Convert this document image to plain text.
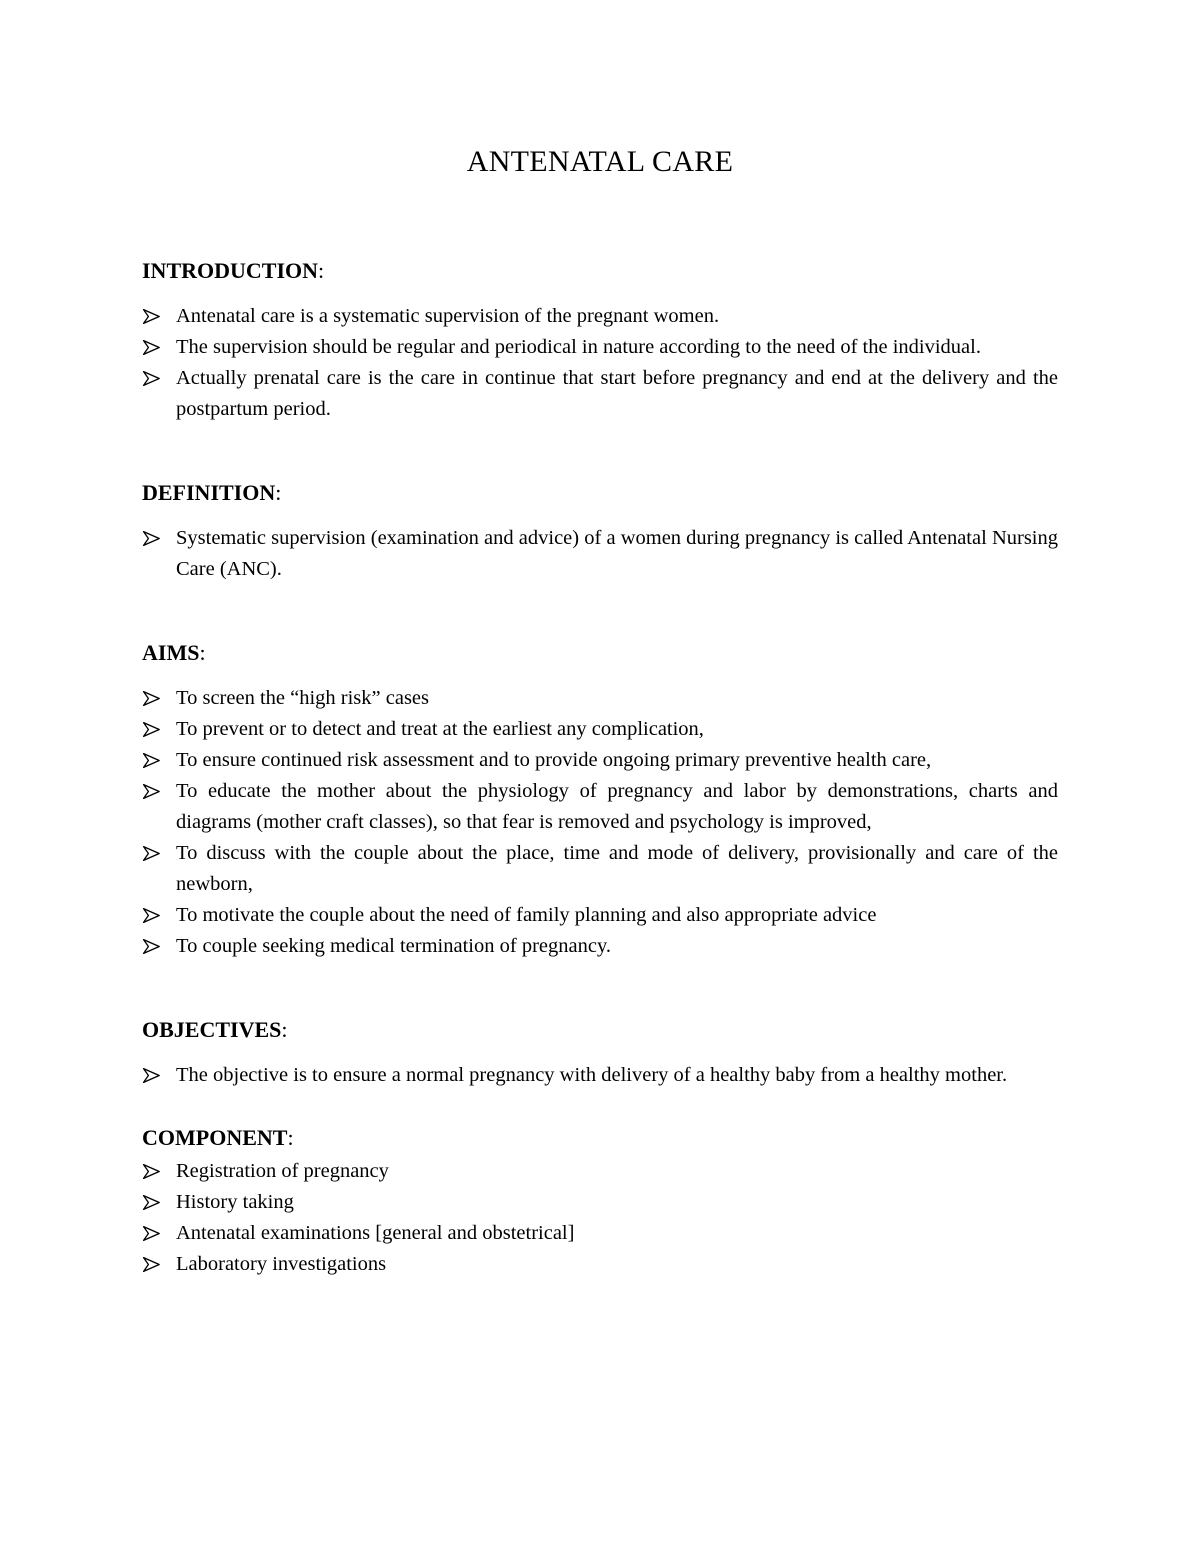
ANTENATAL CARE
INTRODUCTION:
Antenatal care is a systematic supervision of the pregnant women.
The supervision should be regular and periodical in nature according to the need of the individual.
Actually prenatal care is the care in continue that start before pregnancy and end at the delivery and the postpartum period.
DEFINITION:
Systematic supervision (examination and advice) of a women during pregnancy is called Antenatal Nursing Care (ANC).
AIMS:
To screen the “high risk” cases
To prevent or to detect and treat at the earliest any complication,
To ensure continued risk assessment and to provide ongoing primary preventive health care,
To educate the mother about the physiology of pregnancy and labor by demonstrations, charts and diagrams (mother craft classes), so that fear is removed and psychology is improved,
To discuss with the couple about the place, time and mode of delivery, provisionally and care of the newborn,
To motivate the couple about the need of family planning and also appropriate advice
To couple seeking medical termination of pregnancy.
OBJECTIVES:
The objective is to ensure a normal pregnancy with delivery of a healthy baby from a healthy mother.
COMPONENT:
Registration of pregnancy
History taking
Antenatal examinations [general and obstetrical]
Laboratory investigations
